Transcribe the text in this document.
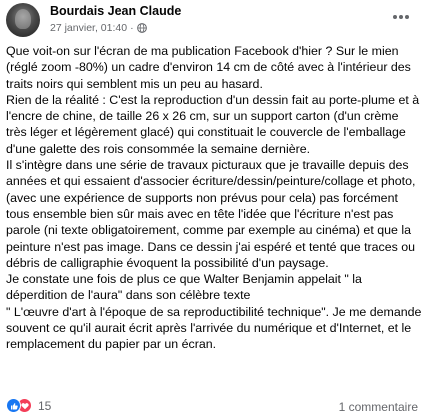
Bourdais Jean Claude
27 janvier, 01:40 ·

Que voit-on sur l'écran de ma publication Facebook d'hier ? Sur le mien (réglé zoom -80%) un cadre d'environ 14 cm de côté avec à l'intérieur des traits noirs qui semblent mis un peu au hasard.

Rien de la réalité : C'est la reproduction d'un dessin fait au porte-plume et à l'encre de chine, de taille 26 x 26 cm, sur un support carton (d'un crème très léger et légèrement glacé) qui constituait le couvercle de l'emballage d'une galette des rois consommée la semaine dernière.

Il s'intègre dans une série de travaux picturaux que je travaille depuis des années et qui essaient d'associer écriture/dessin/peinture/collage et photo, (avec une expérience de supports non prévus pour cela) pas forcément tous ensemble bien sûr mais avec en tête l'idée que l'écriture n'est pas parole (ni texte obligatoirement, comme par exemple au cinéma) et que la peinture n'est pas image. Dans ce dessin j'ai espéré et tenté que traces ou débris de calligraphie évoquent la possibilité d'un paysage.

Je constate une fois de plus ce que Walter Benjamin appelait " la déperdition de l'aura" dans son célèbre texte

" L'œuvre d'art à l'époque de sa reproductibilité technique". Je me demande souvent ce qu'il aurait écrit après l'arrivée du numérique et d'Internet, et le remplacement du papier par un écran.

15	1 commentaire
